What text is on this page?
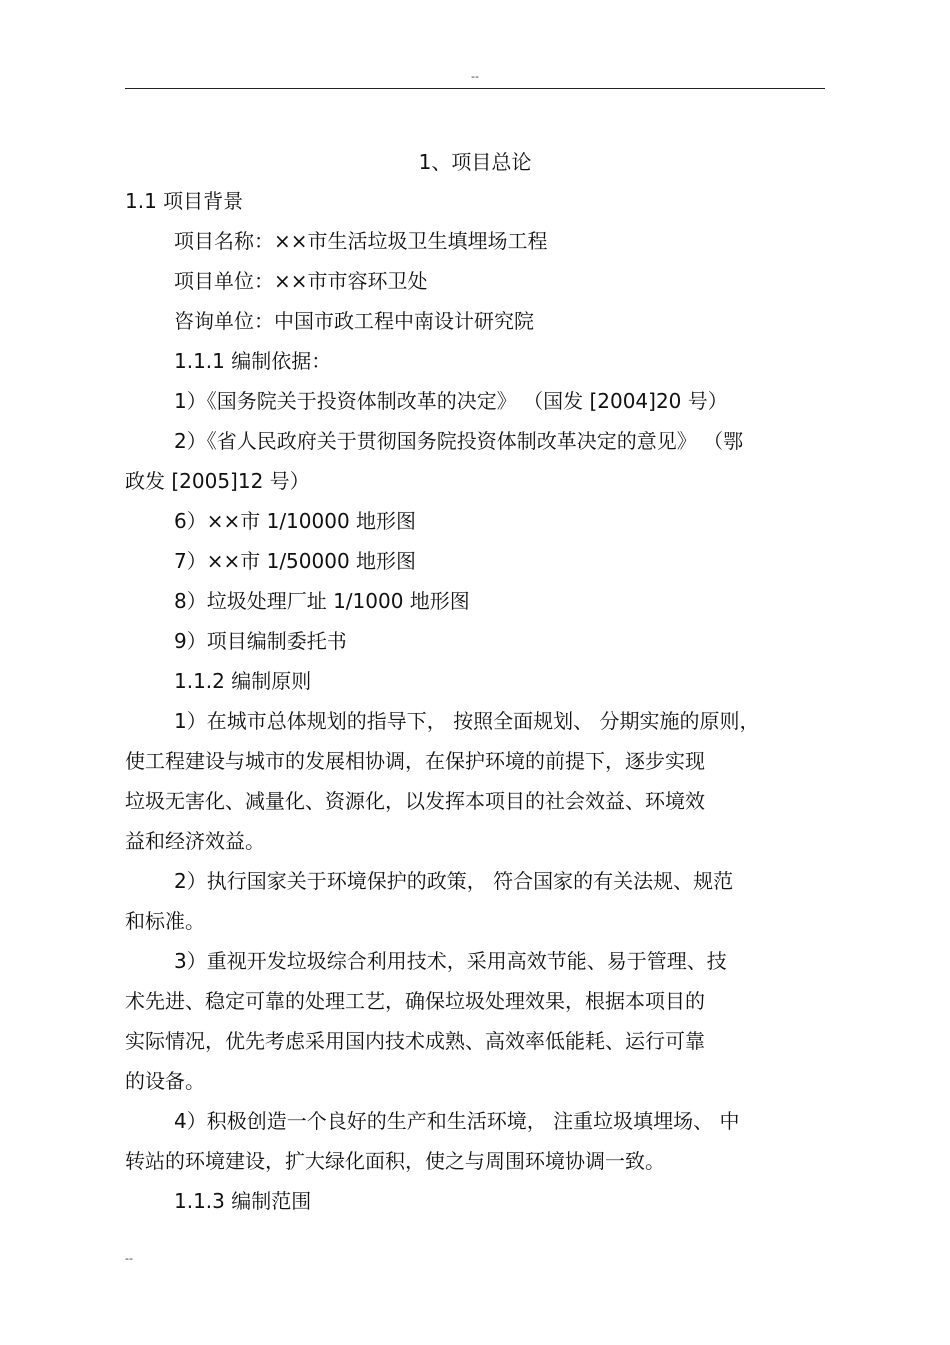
--
1、项目总论
1.1 项目背景
项目名称：××市生活垃圾卫生填埋场工程
项目单位：××市市容环卫处
咨询单位：中国市政工程中南设计研究院
1.1.1 编制依据：
1）《国务院关于投资体制改革的决定》 （国发 [2004]20 号）
2）《省人民政府关于贯彻国务院投资体制改革决定的意见》 （鄂
政发 [2005]12 号）
6）××市 1/10000 地形图
7）××市 1/50000 地形图
8）垃圾处理厂址 1/1000 地形图
9）项目编制委托书
1.1.2 编制原则
1）在城市总体规划的指导下， 按照全面规划、 分期实施的原则，
使工程建设与城市的发展相协调，在保护环境的前提下，逐步实现
垃圾无害化、减量化、资源化，以发挥本项目的社会效益、环境效
益和经济效益。
2）执行国家关于环境保护的政策， 符合国家的有关法规、规范
和标准。
3）重视开发垃圾综合利用技术，采用高效节能、易于管理、技
术先进、稳定可靠的处理工艺，确保垃圾处理效果，根据本项目的
实际情况，优先考虑采用国内技术成熟、高效率低能耗、运行可靠
的设备。
4）积极创造一个良好的生产和生活环境， 注重垃圾填埋场、 中
转站的环境建设，扩大绿化面积，使之与周围环境协调一致。
1.1.3 编制范围
--
